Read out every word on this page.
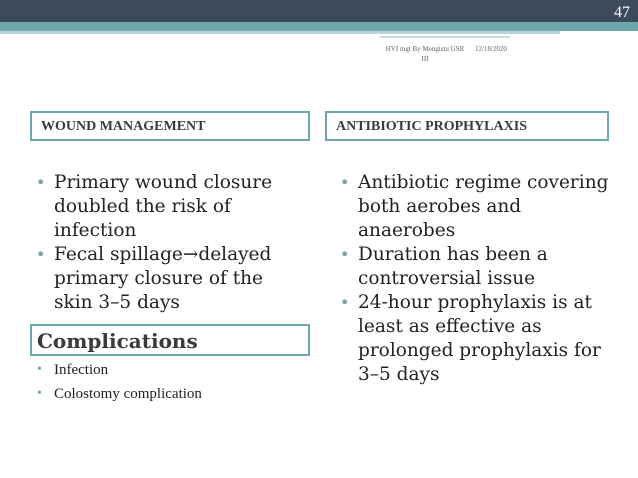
47
HVI mgt By Mengistu GSR III
12/18/2020
WOUND MANAGEMENT	ANTIBIOTIC PROPHYLAXIS
• Primary wound closure doubled the risk of infection
• Fecal spillage→delayed primary closure of the skin 3–5 days
Complications
• Infection
• Colostomy complication
• Antibiotic regime covering both aerobes and anaerobes
• Duration has been a controversial issue
• 24-hour prophylaxis is at least as effective as prolonged prophylaxis for 3–5 days
